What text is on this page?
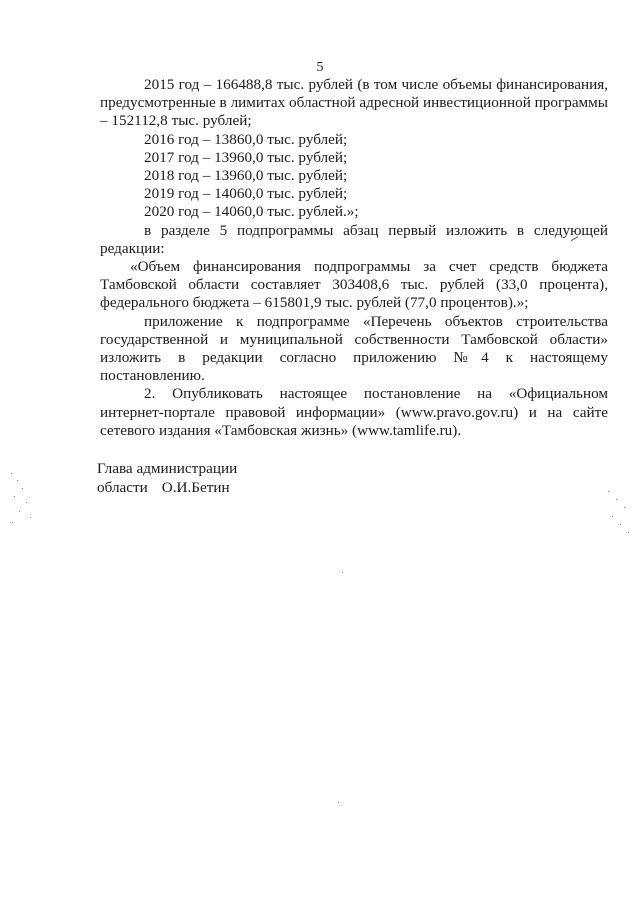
5

2015 год – 166488,8 тыс. рублей (в том числе объемы финансирования, предусмотренные в лимитах областной адресной инвестиционной программы – 152112,8 тыс. рублей;

2016 год – 13860,0 тыс. рублей;

2017 год – 13960,0 тыс. рублей;

2018 год – 13960,0 тыс. рублей;

2019 год – 14060,0 тыс. рублей;

2020 год – 14060,0 тыс. рублей.»;

в разделе 5 подпрограммы абзац первый изложить в следующей редакции:

«Объем финансирования подпрограммы за счет средств бюджета Тамбовской области составляет 303408,6 тыс. рублей (33,0 процента), федерального бюджета – 615801,9 тыс. рублей (77,0 процентов).»;

приложение к подпрограмме «Перечень объектов строительства государственной и муниципальной собственности Тамбовской области» изложить в редакции согласно приложению №4 к настоящему постановлению.

2. Опубликовать настоящее постановление на «Официальном интернет-портале правовой информации» (www.pravo.gov.ru) и на сайте сетевого издания «Тамбовская жизнь» (www.tamlife.ru).

Глава администрации
области О.И.Бетин
